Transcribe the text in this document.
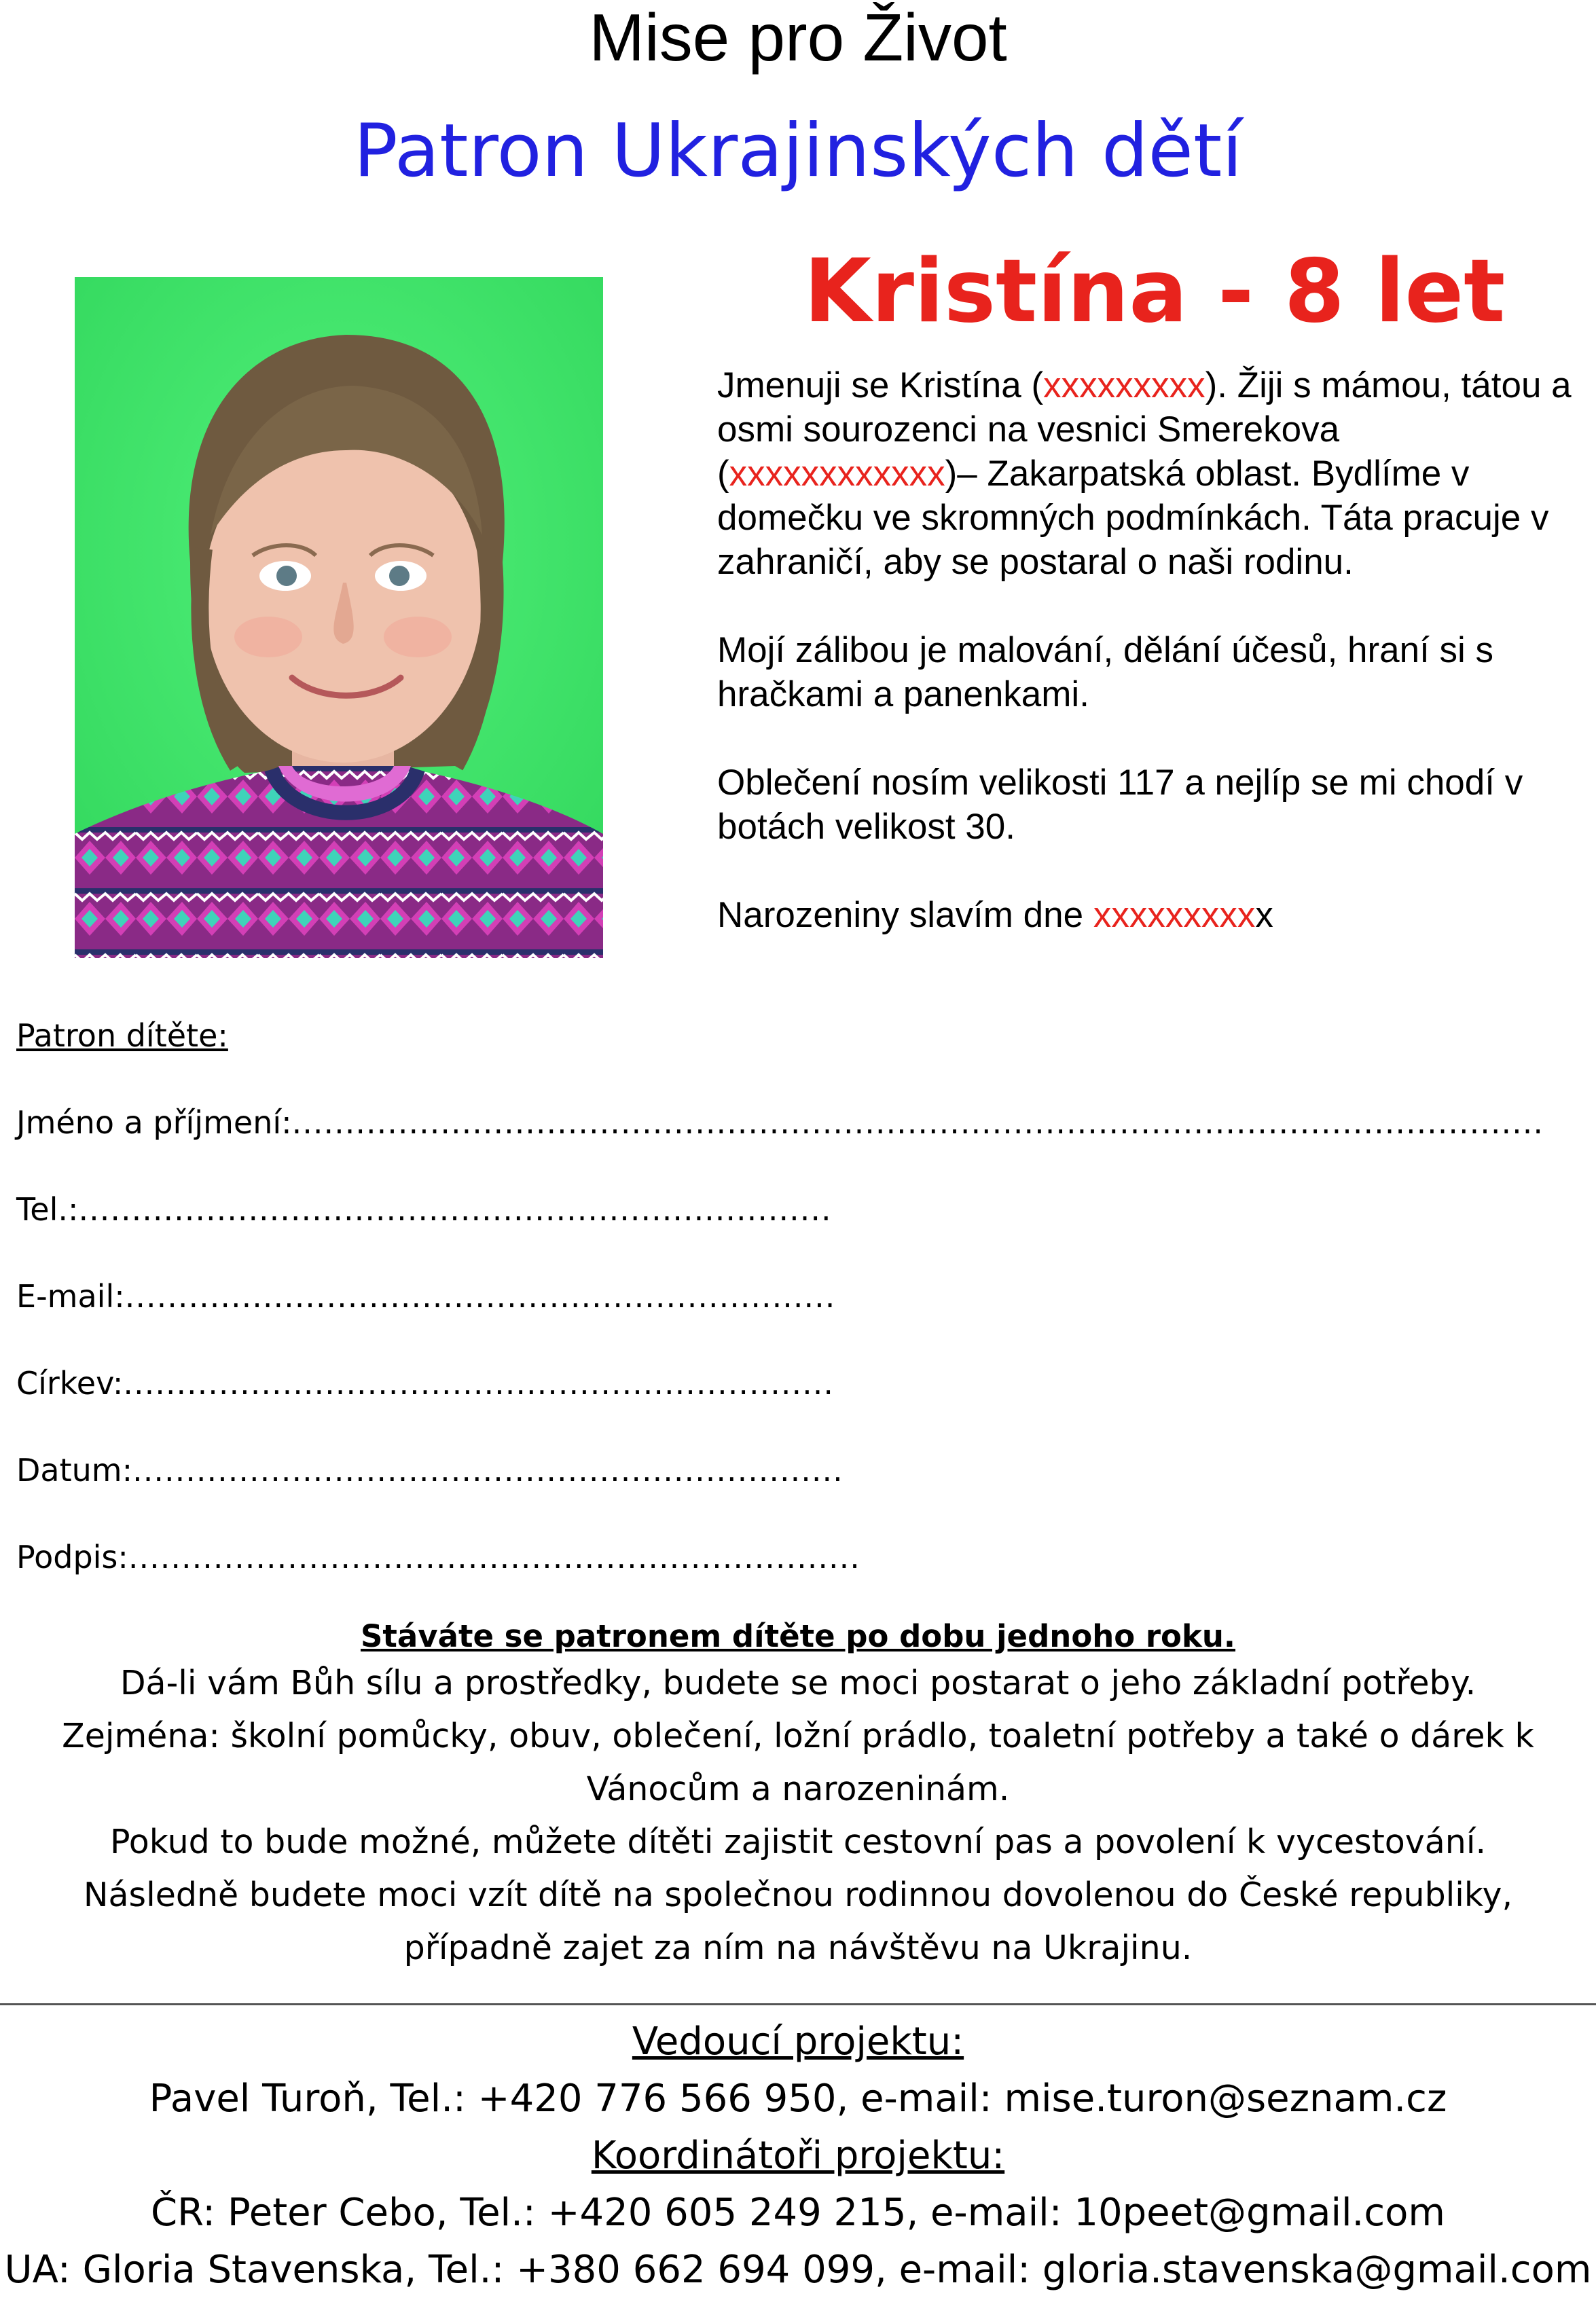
Mise pro Život
Patron Ukrajinských dětí
Kristína - 8 let

Jmenuji se Kristína (xxxxxxxxx). Žiji s mámou, tátou a osmi sourozenci na vesnici Smerekova (xxxxxxxxxxxx)– Zakarpatská oblast. Bydlíme v domečku ve skromných podmínkách. Táta pracuje v zahraničí, aby se postaral o naši rodinu.

Mojí zálibou je malování, dělání účesů, hraní si s hračkami a panenkami.

Oblečení nosím velikosti 117 a nejlíp se mi chodí v botách velikost 30.

Narozeniny slavím dne xxxxxxxxxx

Patron dítěte:
Jméno a příjmení: ......................................................................................................................
Tel.: .......................................................................
E-mail: ...................................................................
Církev: ...................................................................
Datum: ...................................................................
Podpis: .....................................................................
Stáváte se patronem dítěte po dobu jednoho roku.
Dá-li vám Bůh sílu a prostředky, budete se moci postarat o jeho základní potřeby.
Zejména: školní pomůcky, obuv, oblečení, ložní prádlo, toaletní potřeby a také o dárek k
Vánocům a narozeninám.
Pokud to bude možné, můžete dítěti zajistit cestovní pas a povolení k vycestování.
Následně budete moci vzít dítě na společnou rodinnou dovolenou do České republiky,
případně zajet za ním na návštěvu na Ukrajinu.
Vedoucí projektu:
Pavel Turoň, Tel.: +420 776 566 950, e-mail: mise.turon@seznam.cz
Koordinátoři projektu:
ČR: Peter Cebo, Tel.: +420 605 249 215, e-mail: 10peet@gmail.com
UA: Gloria Stavenska, Tel.: +380 662 694 099, e-mail: gloria.stavenska@gmail.com
